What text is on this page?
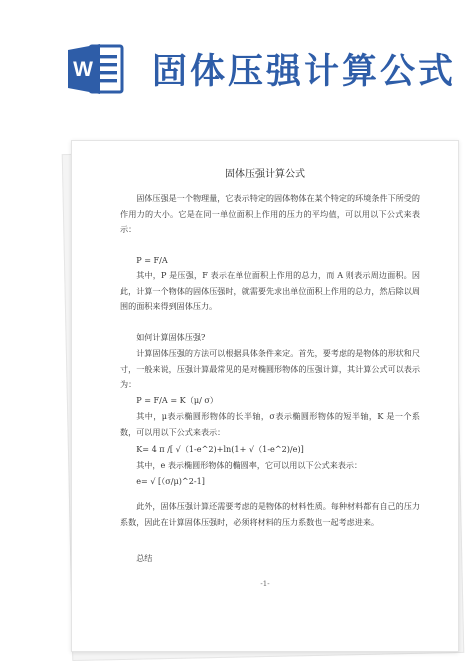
W 固体压强计算公式
固体压强计算公式

固体压强是一个物理量，它表示特定的固体物体在某个特定的环境条件下所受的作用力的大小。它是在同一单位面积上作用的压力的平均值，可以用以下公式来表示：

P = F/A

其中，P 是压强，F 表示在单位面积上作用的总力，而 A 则表示周边面积。因此，计算一个物体的固体压强时，就需要先求出单位面积上作用的总力，然后除以周围的面积来得到固体压力。

如何计算固体压强?

计算固体压强的方法可以根据具体条件来定。首先，要考虑的是物体的形状和尺寸，一般来说，压强计算最常见的是对椭圆形物体的压强计算，其计算公式可以表示为：

P = F/A = K（μ/ σ）

其中，μ表示椭圆形物体的长半轴，σ表示椭圆形物体的短半轴，K 是一个系数，可以用以下公式来表示：

K= 4 π /[ √（1-e^2)+ln(1+ √（1-e^2)/e)]

其中，e 表示椭圆形物体的椭圆率，它可以用以下公式来表示：

e= √ [（σ/μ)^2-1]

此外，固体压强计算还需要考虑的是物体的材料性质。每种材料都有自己的压力系数，因此在计算固体压强时，必须将材料的压力系数也一起考虑进来。

总结

-1-
